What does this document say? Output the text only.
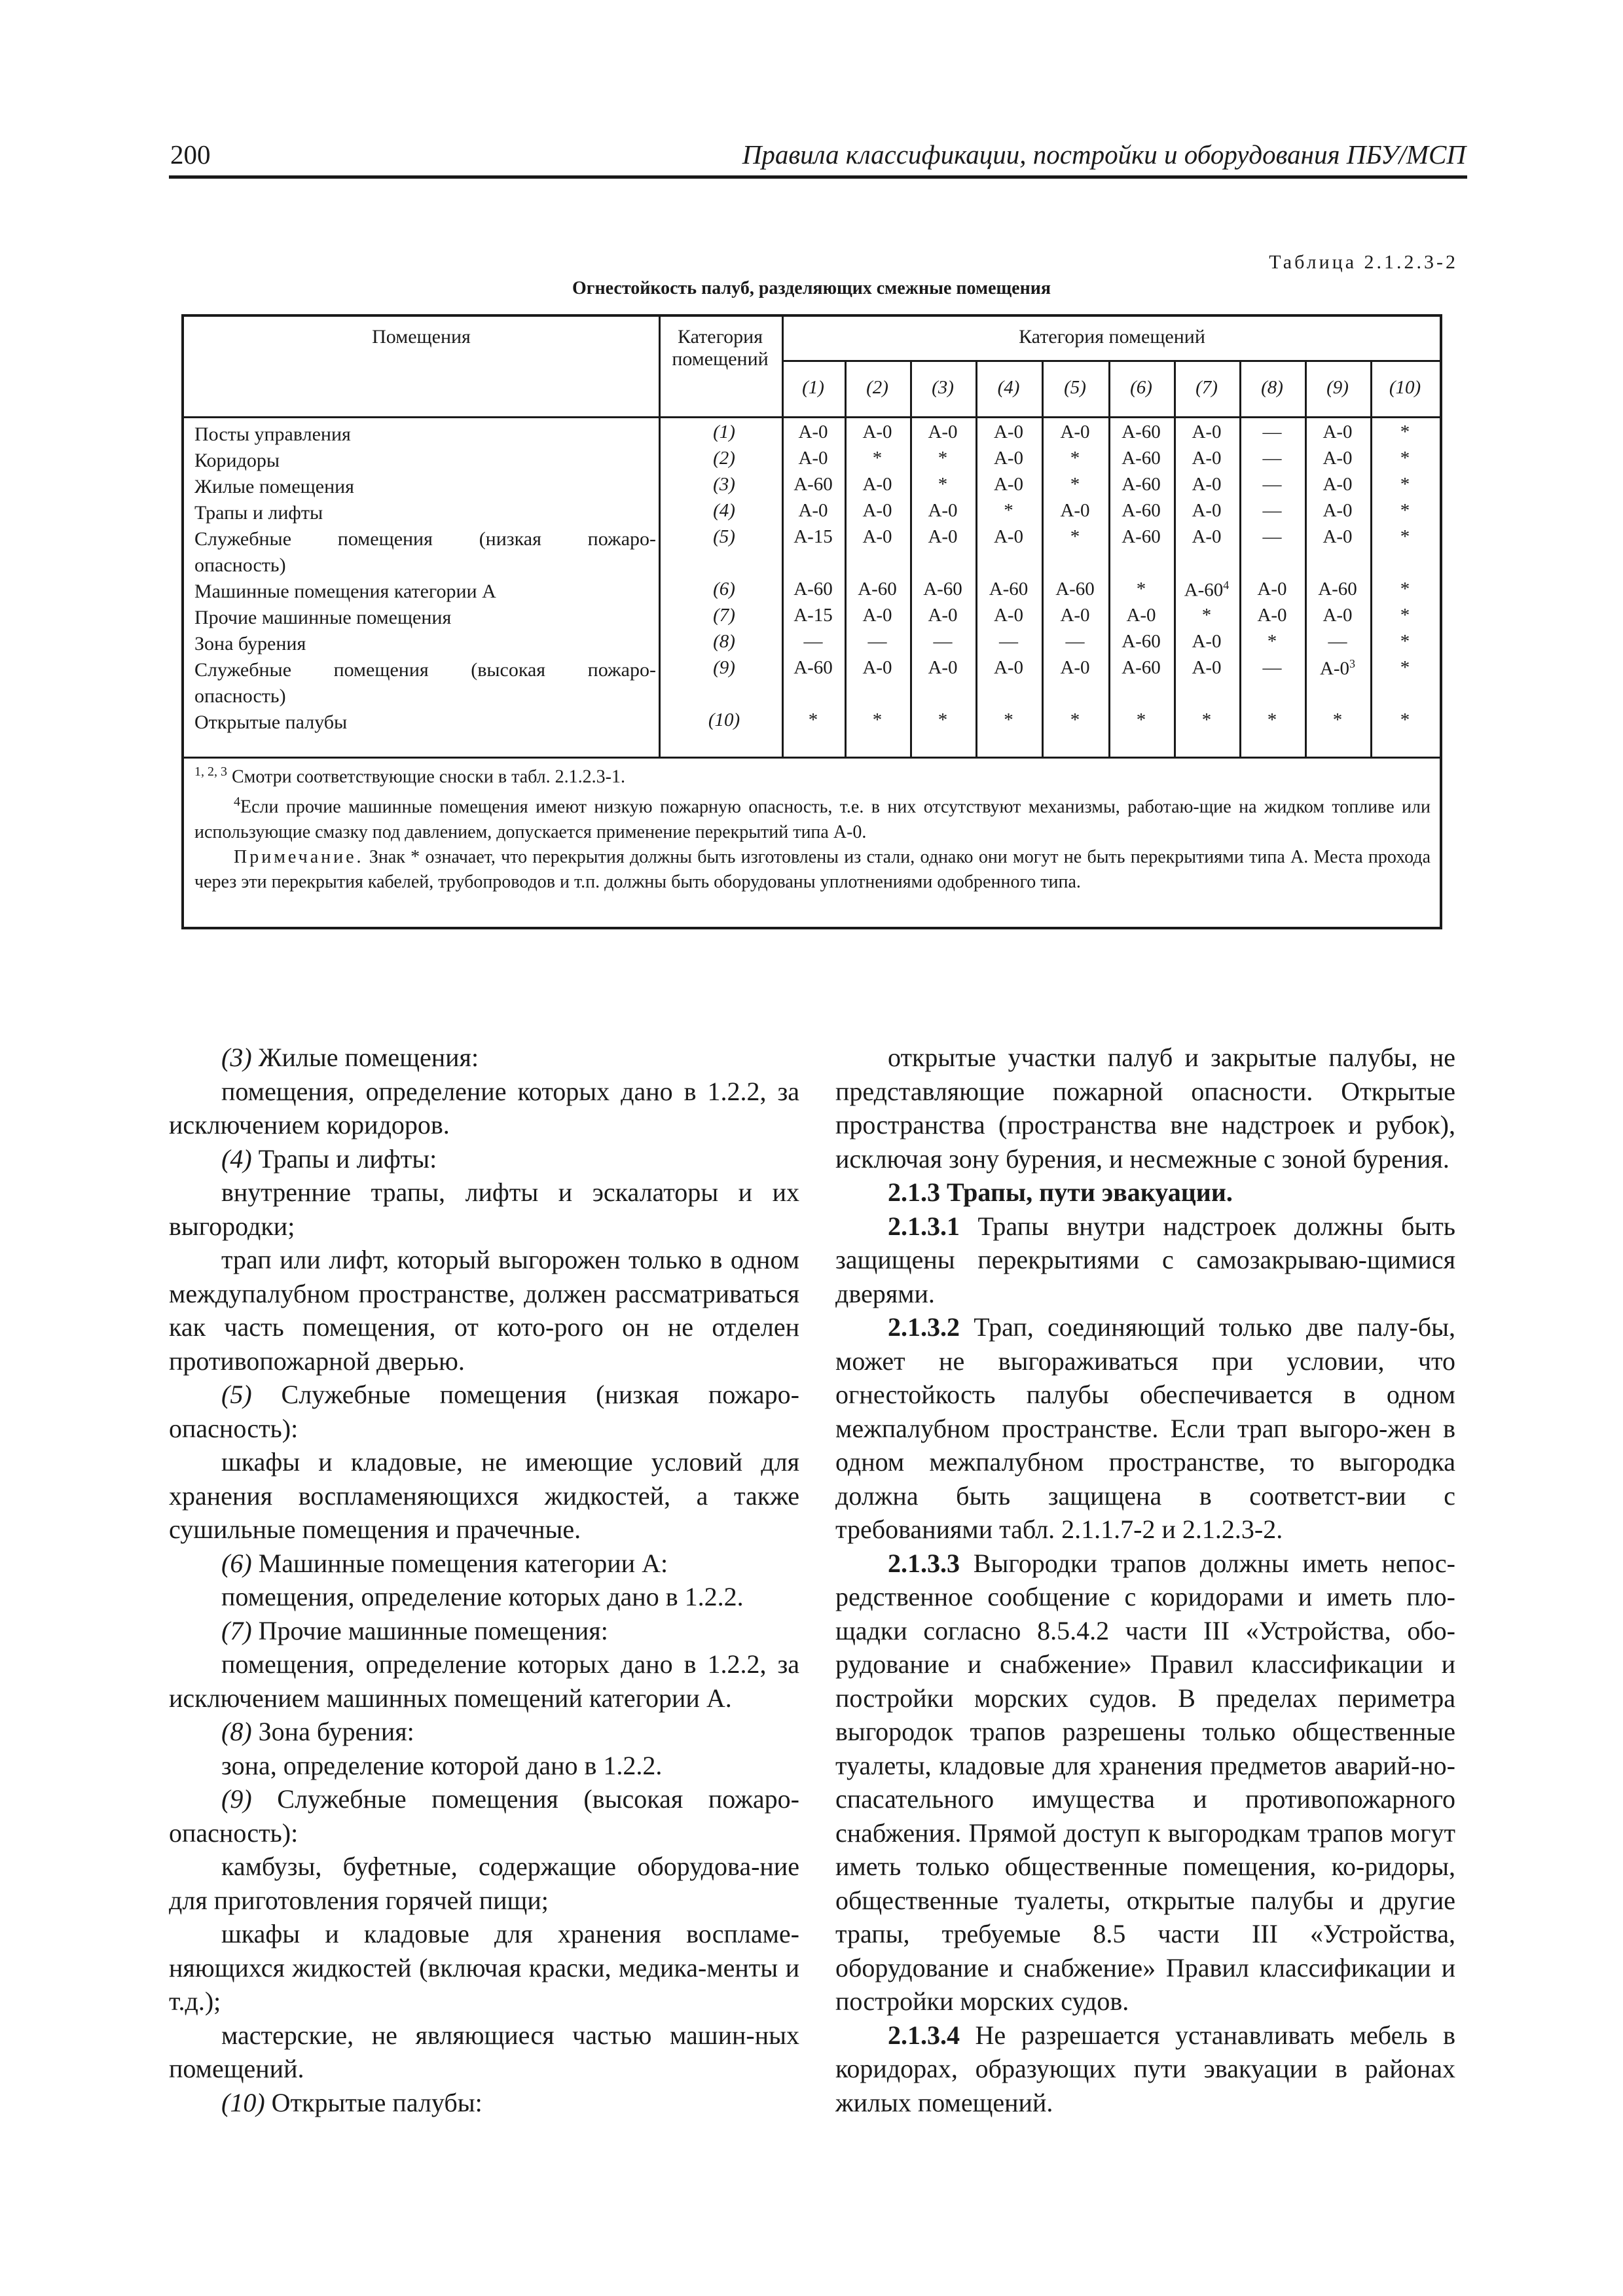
200	Правила классификации, постройки и оборудования ПБУ/МСП
Таблица 2.1.2.3-2
Огнестойкость палуб, разделяющих смежные помещения
Помещения	Категория
помещений
Категория помещений
(1)	(2)	(3)	(4)	(5)	(6)	(7)	(8)	(9)	(10)
Посты управления	(1)	A-0	A-0	A-0	A-0	A-0	A-60	A-0	—	A-0	*
Коридоры	(2)	A-0	*	*	A-0	*	A-60	A-0	—	A-0	*
Жилые помещения	(3)	A-60	A-0	*	A-0	*	A-60	A-0	—	A-0	*
Трапы и лифты	(4)	A-0	A-0	A-0	*	A-0	A-60	A-0	—	A-0	*
Служебные помещения (низкая пожаро-
опасность)
(5)	A-15	A-0	A-0	A-0	*	A-60	A-0	—	A-0	*
Машинные помещения категории А	(6)	A-60	A-60	A-60	A-60	A-60	*	$A-60^4$	A-0	A-60	*
Прочие машинные помещения	(7)	A-15	A-0	A-0	A-0	A-0	A-0	*	A-0	A-0	*
Зона бурения	(8)	—	—	—	—	—	A-60	A-0	*	—	*
Служебные помещения (высокая пожаро-
опасность)
(9)	A-60	A-0	A-0	A-0	A-0	A-60	A-0	—	$A-0^3$	*
Открытые палубы	(10)	*	*	*	*	*	*	*	*	*	*

$^{1, 2, 3}$ Смотри соответствующие сноски в табл. 2.1.2.3-1.

$^4$Если прочие машинные помещения имеют низкую пожарную опасность, т.е. в них отсутствуют механизмы, работаю-щие на жидком топливе или использующие смазку под давлением, допускается применение перекрытий типа А-0.

Примечание. Знак * означает, что перекрытия должны быть изготовлены из стали, однако они могут не быть перекрытиями типа А. Места прохода через эти перекрытия кабелей, трубопроводов и т.п. должны быть оборудованы уплотнениями одобренного типа.

(3) Жилые помещения:

помещения, определение которых дано в 1.2.2, за исключением коридоров.

(4) Трапы и лифты:

внутренние трапы, лифты и эскалаторы и их выгородки;

трап или лифт, который выгорожен только в одном междупалубном пространстве, должен рассматриваться как часть помещения, от кото-рого он не отделен противопожарной дверью.

(5) Служебные помещения (низкая пожаро-опасность):

шкафы и кладовые, не имеющие условий для хранения воспламеняющихся жидкостей, а также сушильные помещения и прачечные.

(6) Машинные помещения категории А:

помещения, определение которых дано в 1.2.2.

(7) Прочие машинные помещения:

помещения, определение которых дано в 1.2.2, за исключением машинных помещений категории А.

(8) Зона бурения:

зона, определение которой дано в 1.2.2.

(9) Служебные помещения (высокая пожаро-опасность):

камбузы, буфетные, содержащие оборудова-ние для приготовления горячей пищи;

шкафы и кладовые для хранения воспламе-няющихся жидкостей (включая краски, медика-менты и т.д.);

мастерские, не являющиеся частью машин-ных помещений.

(10) Открытые палубы:

открытые участки палуб и закрытые палубы, не представляющие пожарной опасности. Открытые пространства (пространства вне надстроек и рубок), исключая зону бурения, и несмежные с зоной бурения.

2.1.3 Трапы, пути эвакуации.

2.1.3.1 Трапы внутри надстроек должны быть защищены перекрытиями с самозакрываю-щимися дверями.

2.1.3.2 Трап, соединяющий только две палу-бы, может не выгораживаться при условии, что огнестойкость палубы обеспечивается в одном межпалубном пространстве. Если трап выгоро-жен в одном межпалубном пространстве, то выгородка должна быть защищена в соответст-вии с требованиями табл. 2.1.1.7-2 и 2.1.2.3-2.

2.1.3.3 Выгородки трапов должны иметь непос-редственное сообщение с коридорами и иметь пло-щадки согласно 8.5.4.2 части III «Устройства, обо-рудование и снабжение» Правил классификации и постройки морских судов. В пределах периметра выгородок трапов разрешены только общественные туалеты, кладовые для хранения предметов аварий-но-спасательного имущества и противопожарного снабжения. Прямой доступ к выгородкам трапов могут иметь только общественные помещения, ко-ридоры, общественные туалеты, открытые палубы и другие трапы, требуемые 8.5 части III «Устройства, оборудование и снабжение» Правил классификации и постройки морских судов.

2.1.3.4 Не разрешается устанавливать мебель в коридорах, образующих пути эвакуации в районах жилых помещений.
